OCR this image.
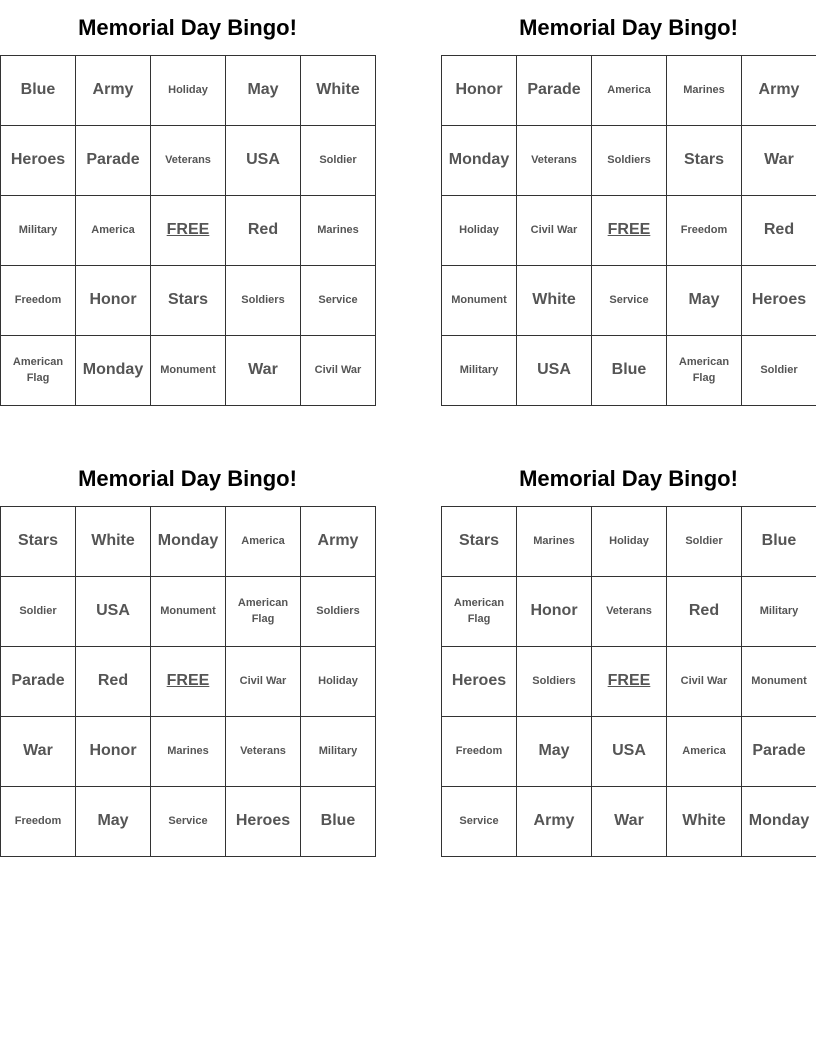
Memorial Day Bingo!
Blue	Army	Holiday	May	White
Heroes	Parade	Veterans	USA	Soldier
Military	America	FREE	Red	Marines
Freedom	Honor	Stars	Soldiers	Service
American Flag	Monday	Monument	War	Civil War
Memorial Day Bingo!
Honor	Parade	America	Marines	Army
Monday	Veterans	Soldiers	Stars	War
Holiday	Civil War	FREE	Freedom	Red
Monument	White	Service	May	Heroes
Military	USA	Blue	American Flag	Soldier
Memorial Day Bingo!
Stars	White	Monday	America	Army
Soldier	USA	Monument	American Flag	Soldiers
Parade	Red	FREE	Civil War	Holiday
War	Honor	Marines	Veterans	Military
Freedom	May	Service	Heroes	Blue
Memorial Day Bingo!
Stars	Marines	Holiday	Soldier	Blue
American Flag	Honor	Veterans	Red	Military
Heroes	Soldiers	FREE	Civil War	Monument
Freedom	May	USA	America	Parade
Service	Army	War	White	Monday
